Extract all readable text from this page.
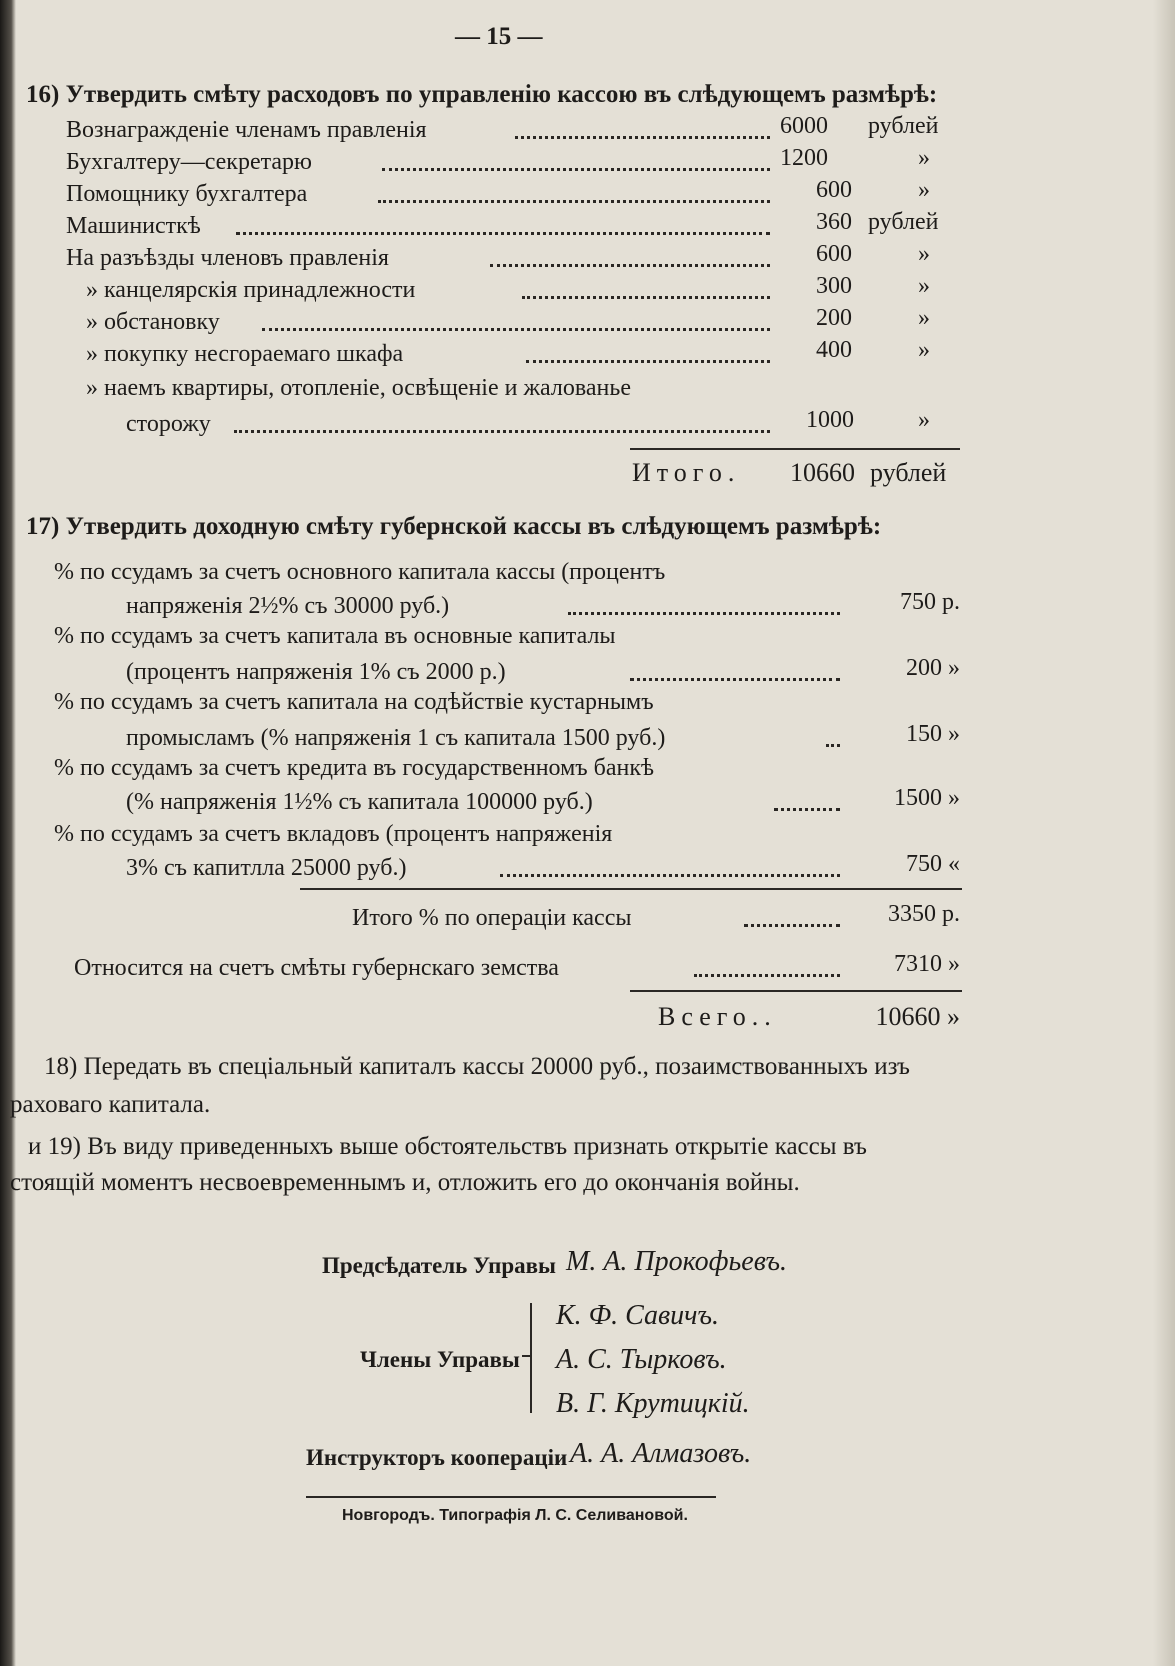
— 15 —
16) Утвердить смѣту расходовъ по управленію кассою въ слѣдующемъ размѣрѣ:
Вознагражденіе членамъ правленія	6000	рублей
Бухгалтеру—секретарю	1200	»
Помощнику бухгалтера	600	»
Машинисткѣ	360 рублей
На разъѣзды членовъ правленія	600	»
» канцелярскія принадлежности	300	»
» обстановку	200	»
» покупку несгораемаго шкафа	400	»
» наемъ квартиры, отопленіе, освѣщеніе и жалованье
сторожу	1000	»
Итого. 10660 рублей
17) Утвердить доходную смѣту губернской кассы въ слѣдующемъ размѣрѣ:
% по ссудамъ за счетъ основного капитала кассы (процентъ
напряженія 2½% съ 30000 руб.)	750 р.
% по ссудамъ за счетъ капитала въ основные капиталы
(процентъ напряженія 1% съ 2000 р.)	200 »
% по ссудамъ за счетъ капитала на содѣйствіе кустарнымъ
промысламъ (% напряженія 1 съ капитала 1500 руб.)	150 »
% по ссудамъ за счетъ кредита въ государственномъ банкѣ
(% напряженія 1½% съ капитала 100000 руб.)	1500 »
% по ссудамъ за счетъ вкладовъ (процентъ напряженія
3% съ капитлла 25000 руб.)	750 «
Итого % по операціи кассы	3350 р.
Относится на счетъ смѣты губернскаго земства	7310 »
Всего..	10660 »
18) Передать въ спеціальный капиталъ кассы 20000 руб., позаимствованныхъ изъ
раховаго капитала.
и 19) Въ виду приведенныхъ выше обстоятельствъ признать открытіе кассы въ
стоящій моментъ несвоевременнымъ и, отложить его до окончанія войны.
Предсѣдатель Управы М. А. Прокофьевъ.
Члены Управы
К. Ф. Савичъ.
А. С. Тырковъ.
В. Г. Крутицкій.
Инструкторъ коопераціи А. А. Алмазовъ.
Новгородъ. Типографія Л. С. Селивановой.
